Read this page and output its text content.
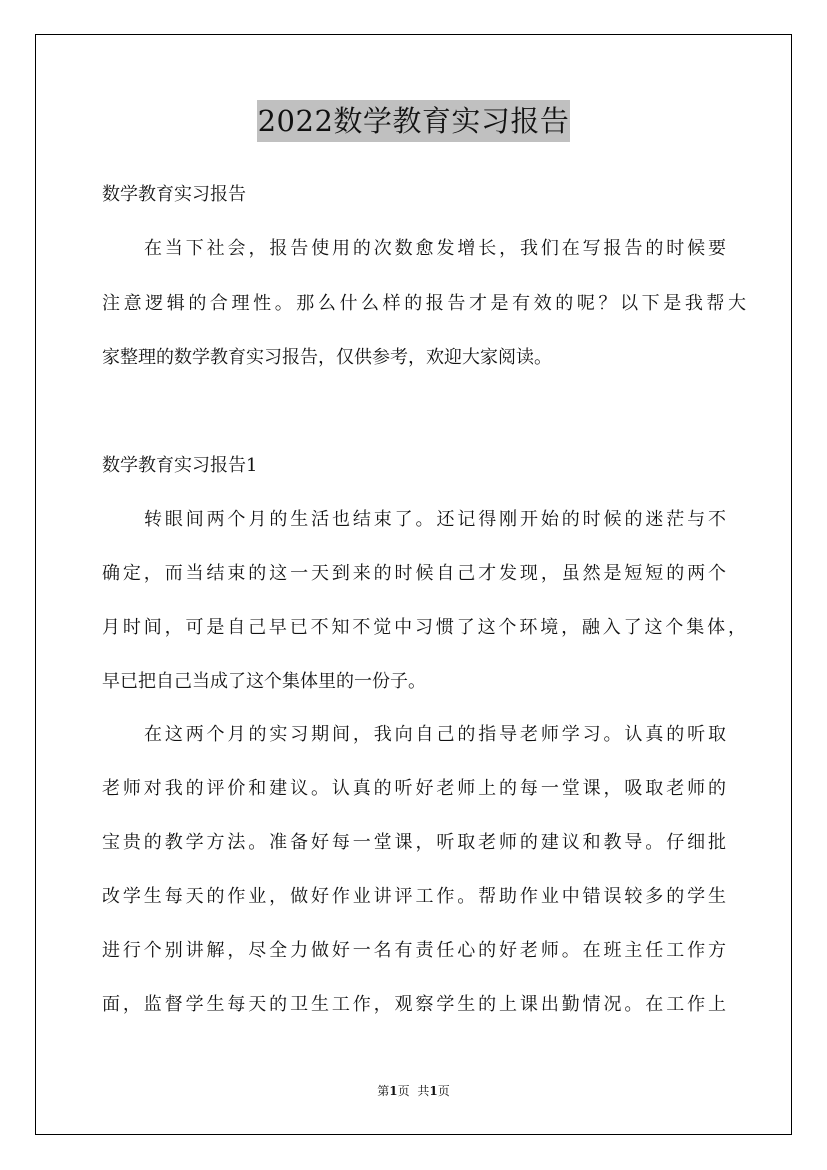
2022数学教育实习报告
数学教育实习报告
在当下社会，报告使用的次数愈发增长，我们在写报告的时候要
注意逻辑的合理性。那么什么样的报告才是有效的呢？以下是我帮大
家整理的数学教育实习报告，仅供参考，欢迎大家阅读。
数学教育实习报告1
转眼间两个月的生活也结束了。还记得刚开始的时候的迷茫与不
确定，而当结束的这一天到来的时候自己才发现，虽然是短短的两个
月时间，可是自己早已不知不觉中习惯了这个环境，融入了这个集体，
早已把自己当成了这个集体里的一份子。
在这两个月的实习期间，我向自己的指导老师学习。认真的听取
老师对我的评价和建议。认真的听好老师上的每一堂课，吸取老师的
宝贵的教学方法。准备好每一堂课，听取老师的建议和教导。仔细批
改学生每天的作业，做好作业讲评工作。帮助作业中错误较多的学生
进行个别讲解，尽全力做好一名有责任心的好老师。在班主任工作方
面，监督学生每天的卫生工作，观察学生的上课出勤情况。在工作上
第1页 共1页
